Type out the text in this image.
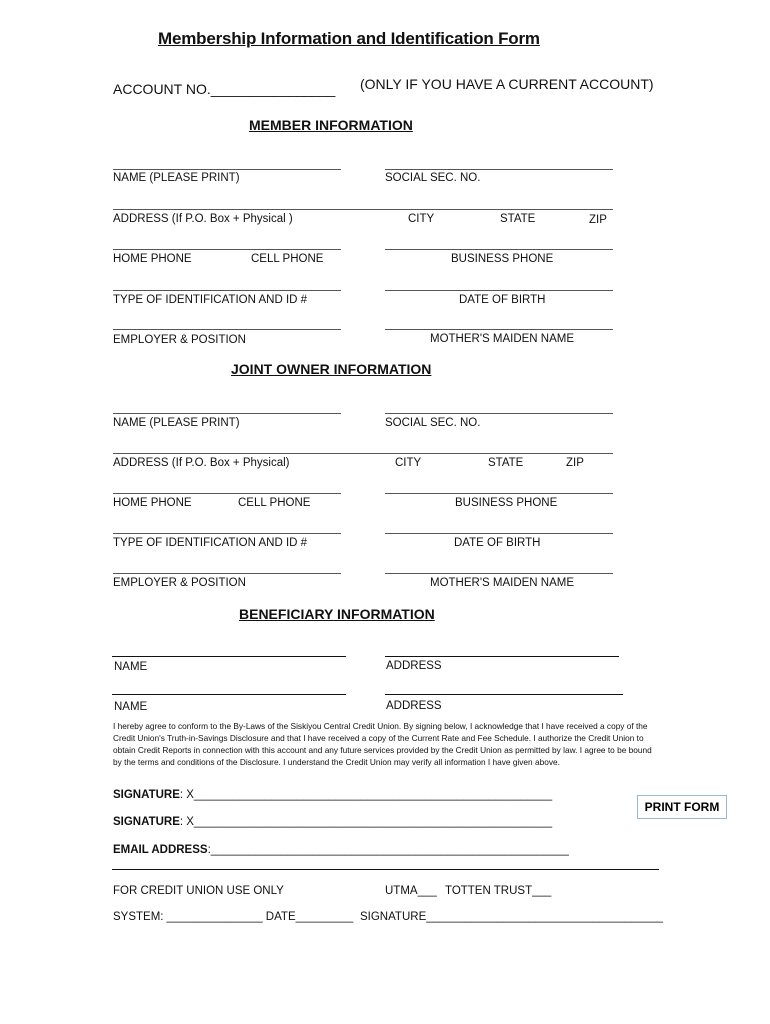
Membership Information and Identification Form
ACCOUNT NO.________________ (ONLY IF YOU HAVE A CURRENT ACCOUNT)
MEMBER INFORMATION
NAME (PLEASE PRINT)	SOCIAL SEC. NO.
ADDRESS (If P.O. Box + Physical )	CITY	STATE	ZIP
HOME PHONE	CELL PHONE	BUSINESS PHONE
TYPE OF IDENTIFICATION AND ID #	DATE OF BIRTH
EMPLOYER & POSITION	MOTHER'S MAIDEN NAME
JOINT OWNER INFORMATION
NAME (PLEASE PRINT)	SOCIAL SEC. NO.
ADDRESS (If P.O. Box + Physical)	CITY	STATE	ZIP
HOME PHONE	CELL PHONE	BUSINESS PHONE
TYPE OF IDENTIFICATION AND ID #	DATE OF BIRTH
EMPLOYER & POSITION	MOTHER'S MAIDEN NAME
BENEFICIARY INFORMATION
NAME	ADDRESS
NAME	ADDRESS
I hereby agree to conform to the By-Laws of the Siskiyou Central Credit Union. By signing below, I acknowledge that I have received a copy of the Credit Union's Truth-in-Savings Disclosure and that I have received a copy of the Current Rate and Fee Schedule. I authorize the Credit Union to obtain Credit Reports in connection with this account and any future services provided by the Credit Union as permitted by law. I agree to be bound by the terms and conditions of the Disclosure. I understand the Credit Union may verify all information I have given above.
SIGNATURE: X________________________________________________________
SIGNATURE: X________________________________________________________
EMAIL ADDRESS:________________________________________________________
PRINT FORM
FOR CREDIT UNION USE ONLY	UTMA___ TOTTEN TRUST___
SYSTEM: _______________ DATE_________ SIGNATURE_____________________________________
